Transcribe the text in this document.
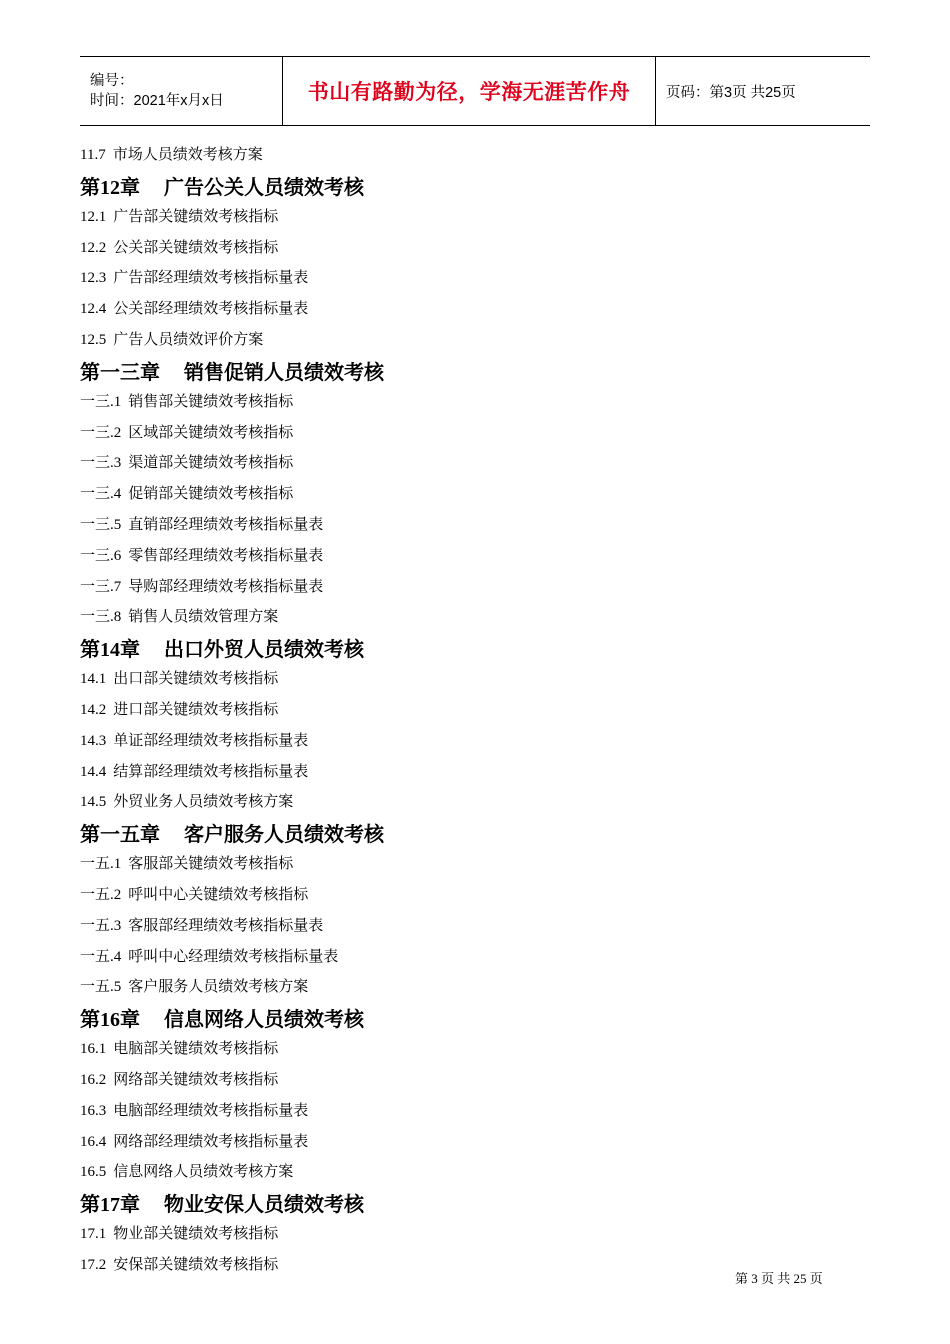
编号：
时间：2021年x月x日	书山有路勤为径，学海无涯苦作舟 页码：第3页 共25页
11.7 市场人员绩效考核方案
第12章 广告公关人员绩效考核
12.1 广告部关键绩效考核指标
12.2 公关部关键绩效考核指标
12.3 广告部经理绩效考核指标量表
12.4 公关部经理绩效考核指标量表
12.5 广告人员绩效评价方案
第一三章 销售促销人员绩效考核
一三.1 销售部关键绩效考核指标
一三.2 区域部关键绩效考核指标
一三.3 渠道部关键绩效考核指标
一三.4 促销部关键绩效考核指标
一三.5 直销部经理绩效考核指标量表
一三.6 零售部经理绩效考核指标量表
一三.7 导购部经理绩效考核指标量表
一三.8 销售人员绩效管理方案
第14章 出口外贸人员绩效考核
14.1 出口部关键绩效考核指标
14.2 进口部关键绩效考核指标
14.3 单证部经理绩效考核指标量表
14.4 结算部经理绩效考核指标量表
14.5 外贸业务人员绩效考核方案
第一五章 客户服务人员绩效考核
一五.1 客服部关键绩效考核指标
一五.2 呼叫中心关键绩效考核指标
一五.3 客服部经理绩效考核指标量表
一五.4 呼叫中心经理绩效考核指标量表
一五.5 客户服务人员绩效考核方案
第16章 信息网络人员绩效考核
16.1 电脑部关键绩效考核指标
16.2 网络部关键绩效考核指标
16.3 电脑部经理绩效考核指标量表
16.4 网络部经理绩效考核指标量表
16.5 信息网络人员绩效考核方案
第17章 物业安保人员绩效考核
17.1 物业部关键绩效考核指标
17.2 安保部关键绩效考核指标
第 3 页 共 25 页
